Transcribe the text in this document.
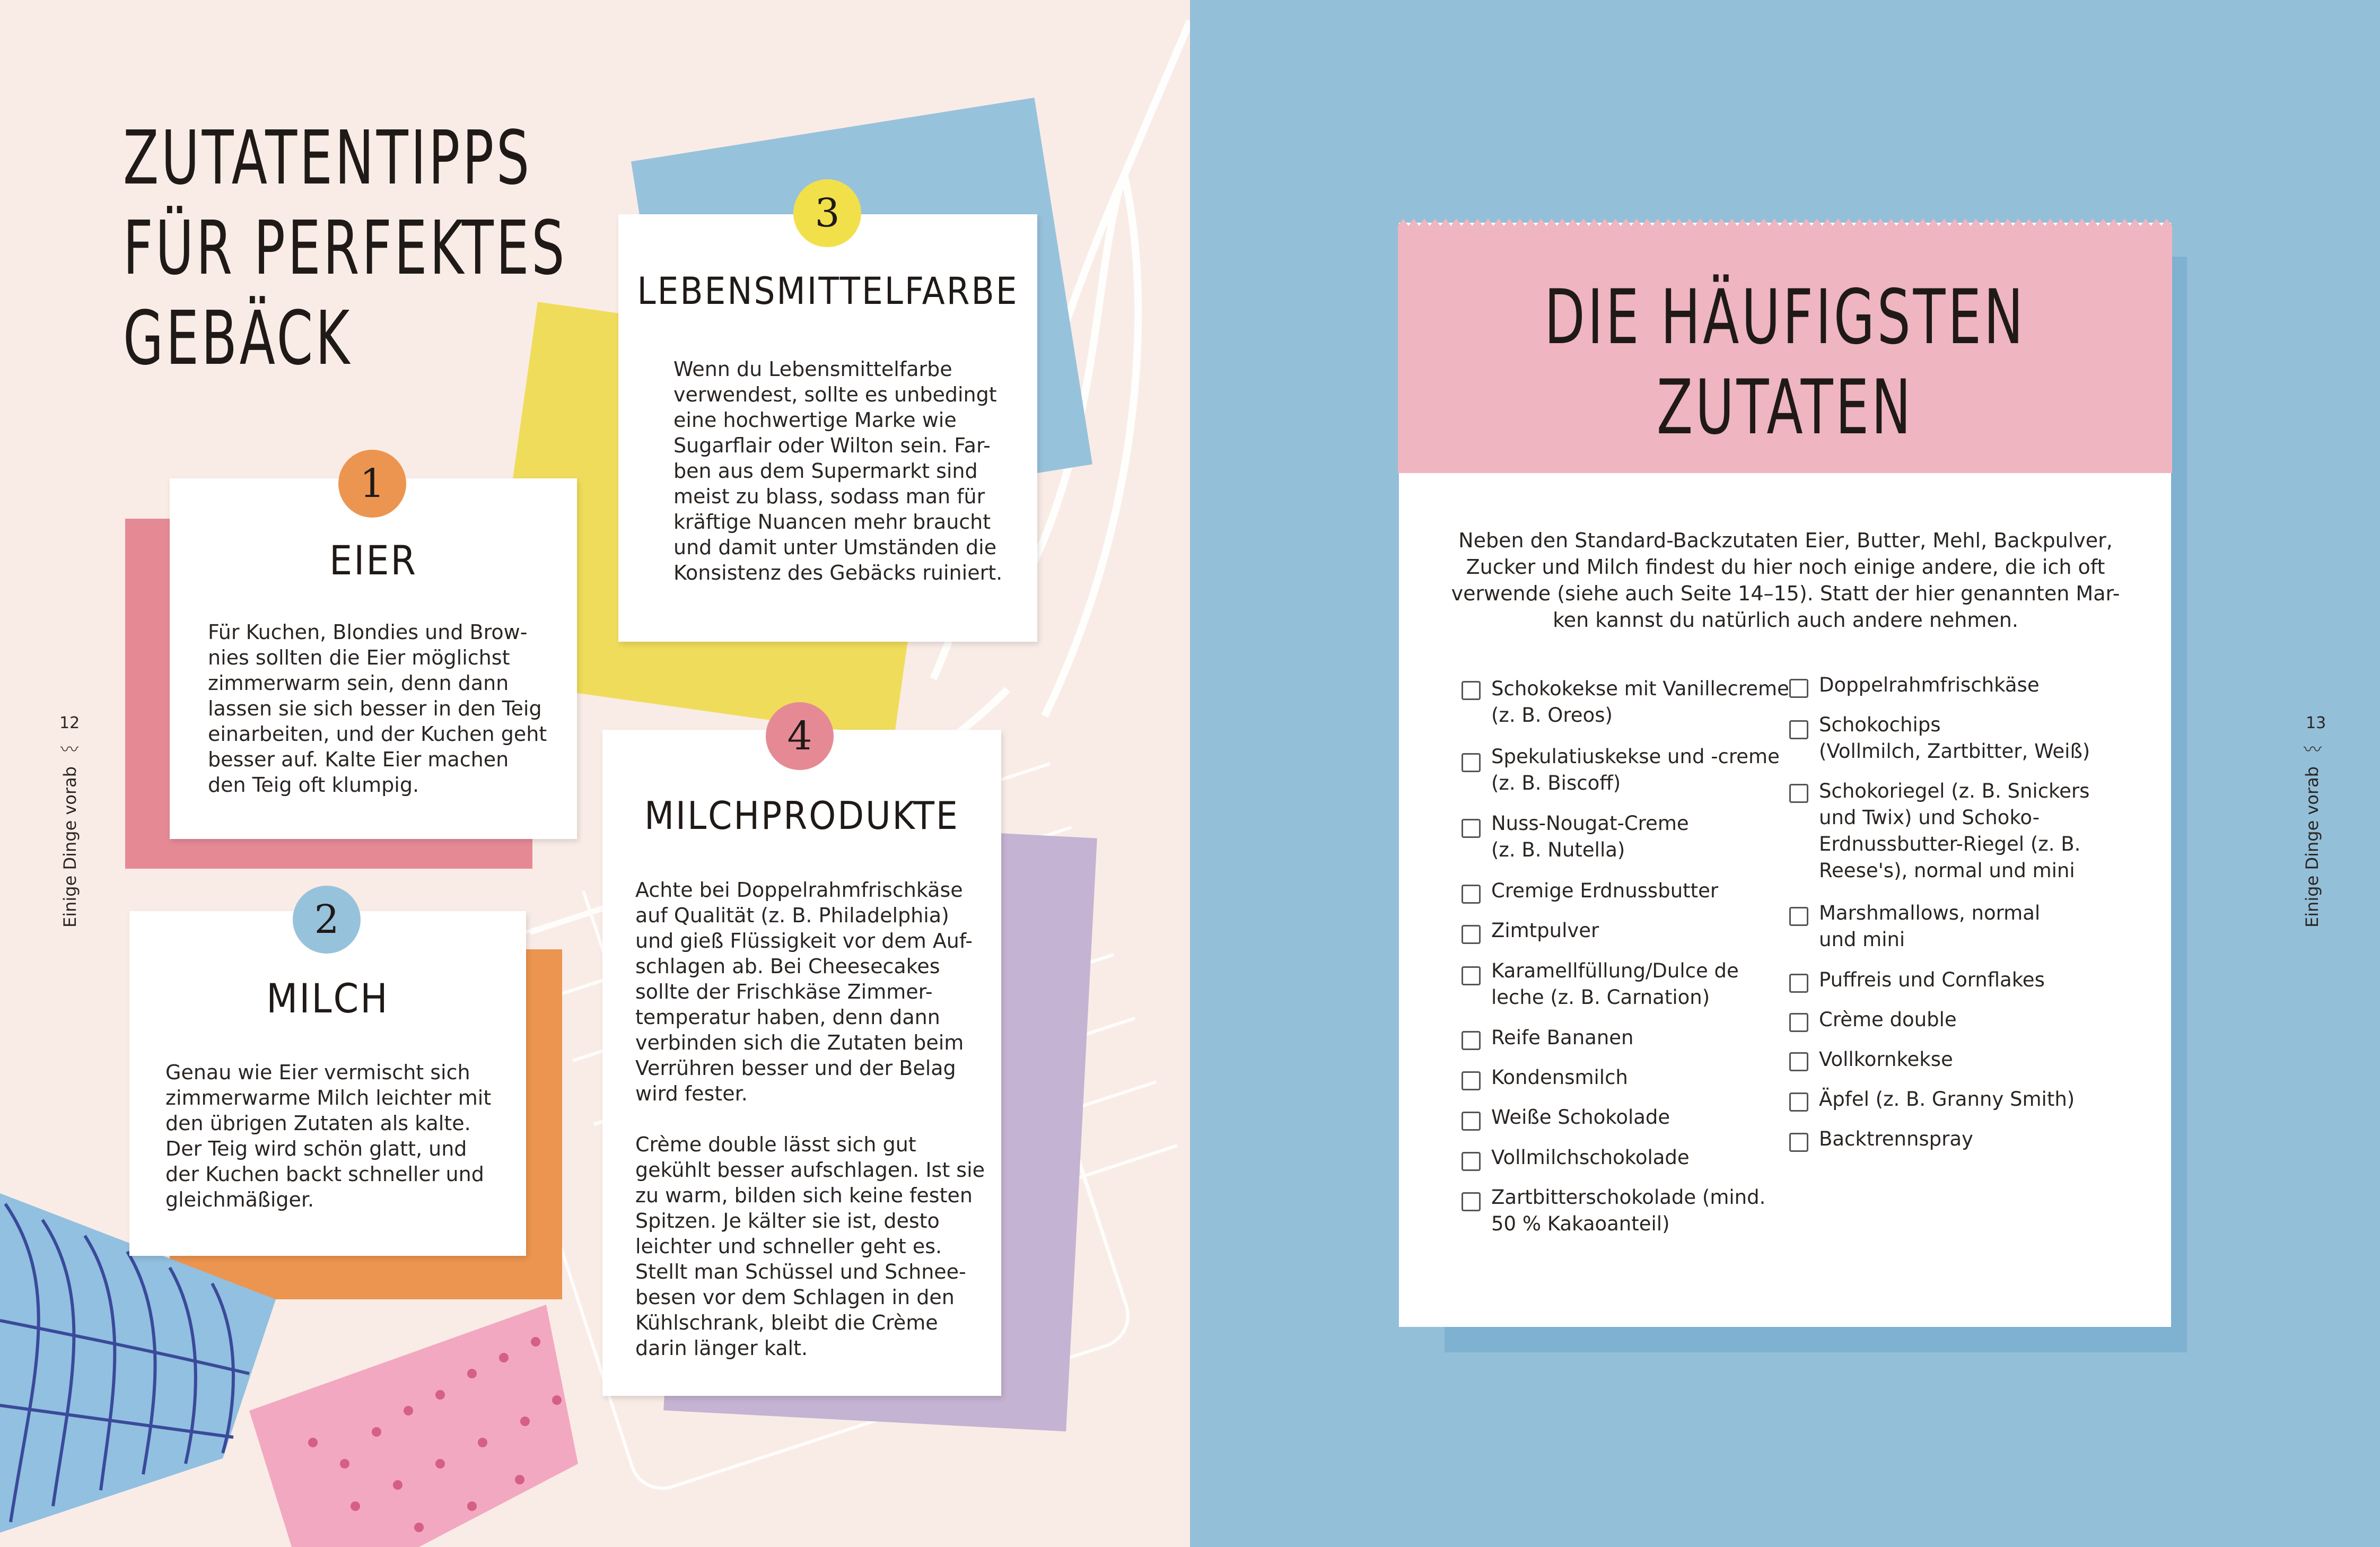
ZUTATENTIPPS
FÜR PERFEKTES
GEBÄCK
LEBENSMITTELFARBE
Wenn du Lebensmittelfarbe
verwendest, sollte es unbedingt
eine hochwertige Marke wie
Sugarflair oder Wilton sein. Far-
ben aus dem Supermarkt sind
meist zu blass, sodass man für
kräftige Nuancen mehr braucht
und damit unter Umständen die
Konsistenz des Gebäcks ruiniert.
3
EIER
Für Kuchen, Blondies und Brow-
nies sollten die Eier möglichst
zimmerwarm sein, denn dann
lassen sie sich besser in den Teig
einarbeiten, und der Kuchen geht
besser auf. Kalte Eier machen
den Teig oft klumpig.
1
MILCH
Genau wie Eier vermischt sich
zimmerwarme Milch leichter mit
den übrigen Zutaten als kalte.
Der Teig wird schön glatt, und
der Kuchen backt schneller und
gleichmäßiger.
2
MILCHPRODUKTE
Achte bei Doppelrahmfrischkäse
auf Qualität (z. B. Philadelphia)
und gieß Flüssigkeit vor dem Auf-
schlagen ab. Bei Cheesecakes
sollte der Frischkäse Zimmer-
temperatur haben, denn dann
verbinden sich die Zutaten beim
Verrühren besser und der Belag
wird fester.

Crème double lässt sich gut
gekühlt besser aufschlagen. Ist sie
zu warm, bilden sich keine festen
Spitzen. Je kälter sie ist, desto
leichter und schneller geht es.
Stellt man Schüssel und Schnee-
besen vor dem Schlagen in den
Kühlschrank, bleibt die Crème
darin länger kalt.
4
12
〰
Einige Dinge vorab
DIE HÄUFIGSTEN
ZUTATEN
Neben den Standard-Backzutaten Eier, Butter, Mehl, Backpulver,
Zucker und Milch findest du hier noch einige andere, die ich oft
verwende (siehe auch Seite 14–15). Statt der hier genannten Mar-
ken kannst du natürlich auch andere nehmen.
Schokokekse mit Vanillecreme
(z. B. Oreos)
Spekulatiuskekse und -creme
(z. B. Biscoff)
Nuss-Nougat-Creme
(z. B. Nutella)
Cremige Erdnussbutter
Zimtpulver
Karamellfüllung/Dulce de
leche (z. B. Carnation)
Reife Bananen
Kondensmilch
Weiße Schokolade
Vollmilchschokolade
Zartbitterschokolade (mind.
50 % Kakaoanteil)
Doppelrahmfrischkäse
Schokochips
(Vollmilch, Zartbitter, Weiß)
Schokoriegel (z. B. Snickers
und Twix) und Schoko-
Erdnussbutter-Riegel (z. B.
Reese's), normal und mini
Marshmallows, normal
und mini
Puffreis und Cornflakes
Crème double
Vollkornkekse
Äpfel (z. B. Granny Smith)
Backtrennspray
13
〰
Einige Dinge vorab
